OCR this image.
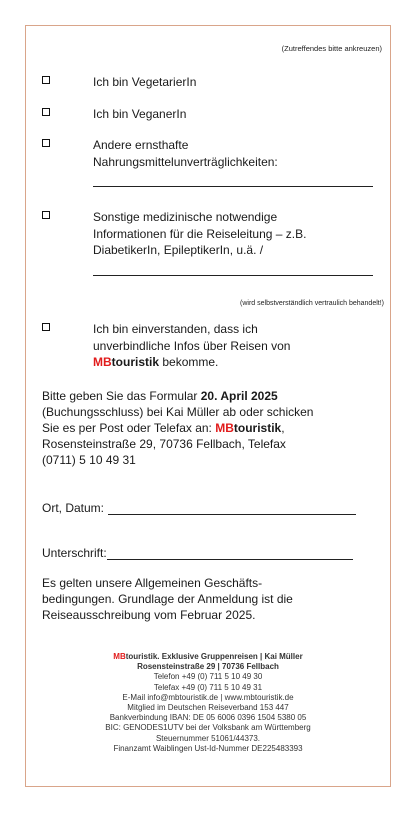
(Zutreffendes bitte ankreuzen)
Ich bin VegetarierIn
Ich bin VeganerIn
Andere ernsthafte
Nahrungsmittelunverträglichkeiten:
Sonstige medizinische notwendige
Informationen für die Reiseleitung – z.B.
DiabetikerIn, EpileptikerIn, u.ä. /
(wird selbstverständlich vertraulich behandelt!)
Ich bin einverstanden, dass ich
unverbindliche Infos über Reisen von
MBtouristik bekomme.
Bitte geben Sie das Formular 20. April 2025
(Buchungsschluss) bei Kai Müller ab oder schicken
Sie es per Post oder Telefax an: MBtouristik,
Rosensteinstraße 29, 70736 Fellbach, Telefax
(0711) 5 10 49 31
Ort, Datum:
Unterschrift:
Es gelten unsere Allgemeinen Geschäfts-
bedingungen. Grundlage der Anmeldung ist die
Reiseausschreibung vom Februar 2025.
MBtouristik. Exklusive Gruppenreisen | Kai Müller
Rosensteinstraße 29 | 70736 Fellbach
Telefon +49 (0) 711 5 10 49 30
Telefax +49 (0) 711 5 10 49 31
E-Mail info@mbtouristik.de | www.mbtouristik.de
Mitglied im Deutschen Reiseverband 153 447
Bankverbindung IBAN: DE 05 6006 0396 1504 5380 05
BIC: GENODES1UTV bei der Volksbank am Württemberg
Steuernummer 51061/44373.
Finanzamt Waiblingen Ust-Id-Nummer DE225483393
